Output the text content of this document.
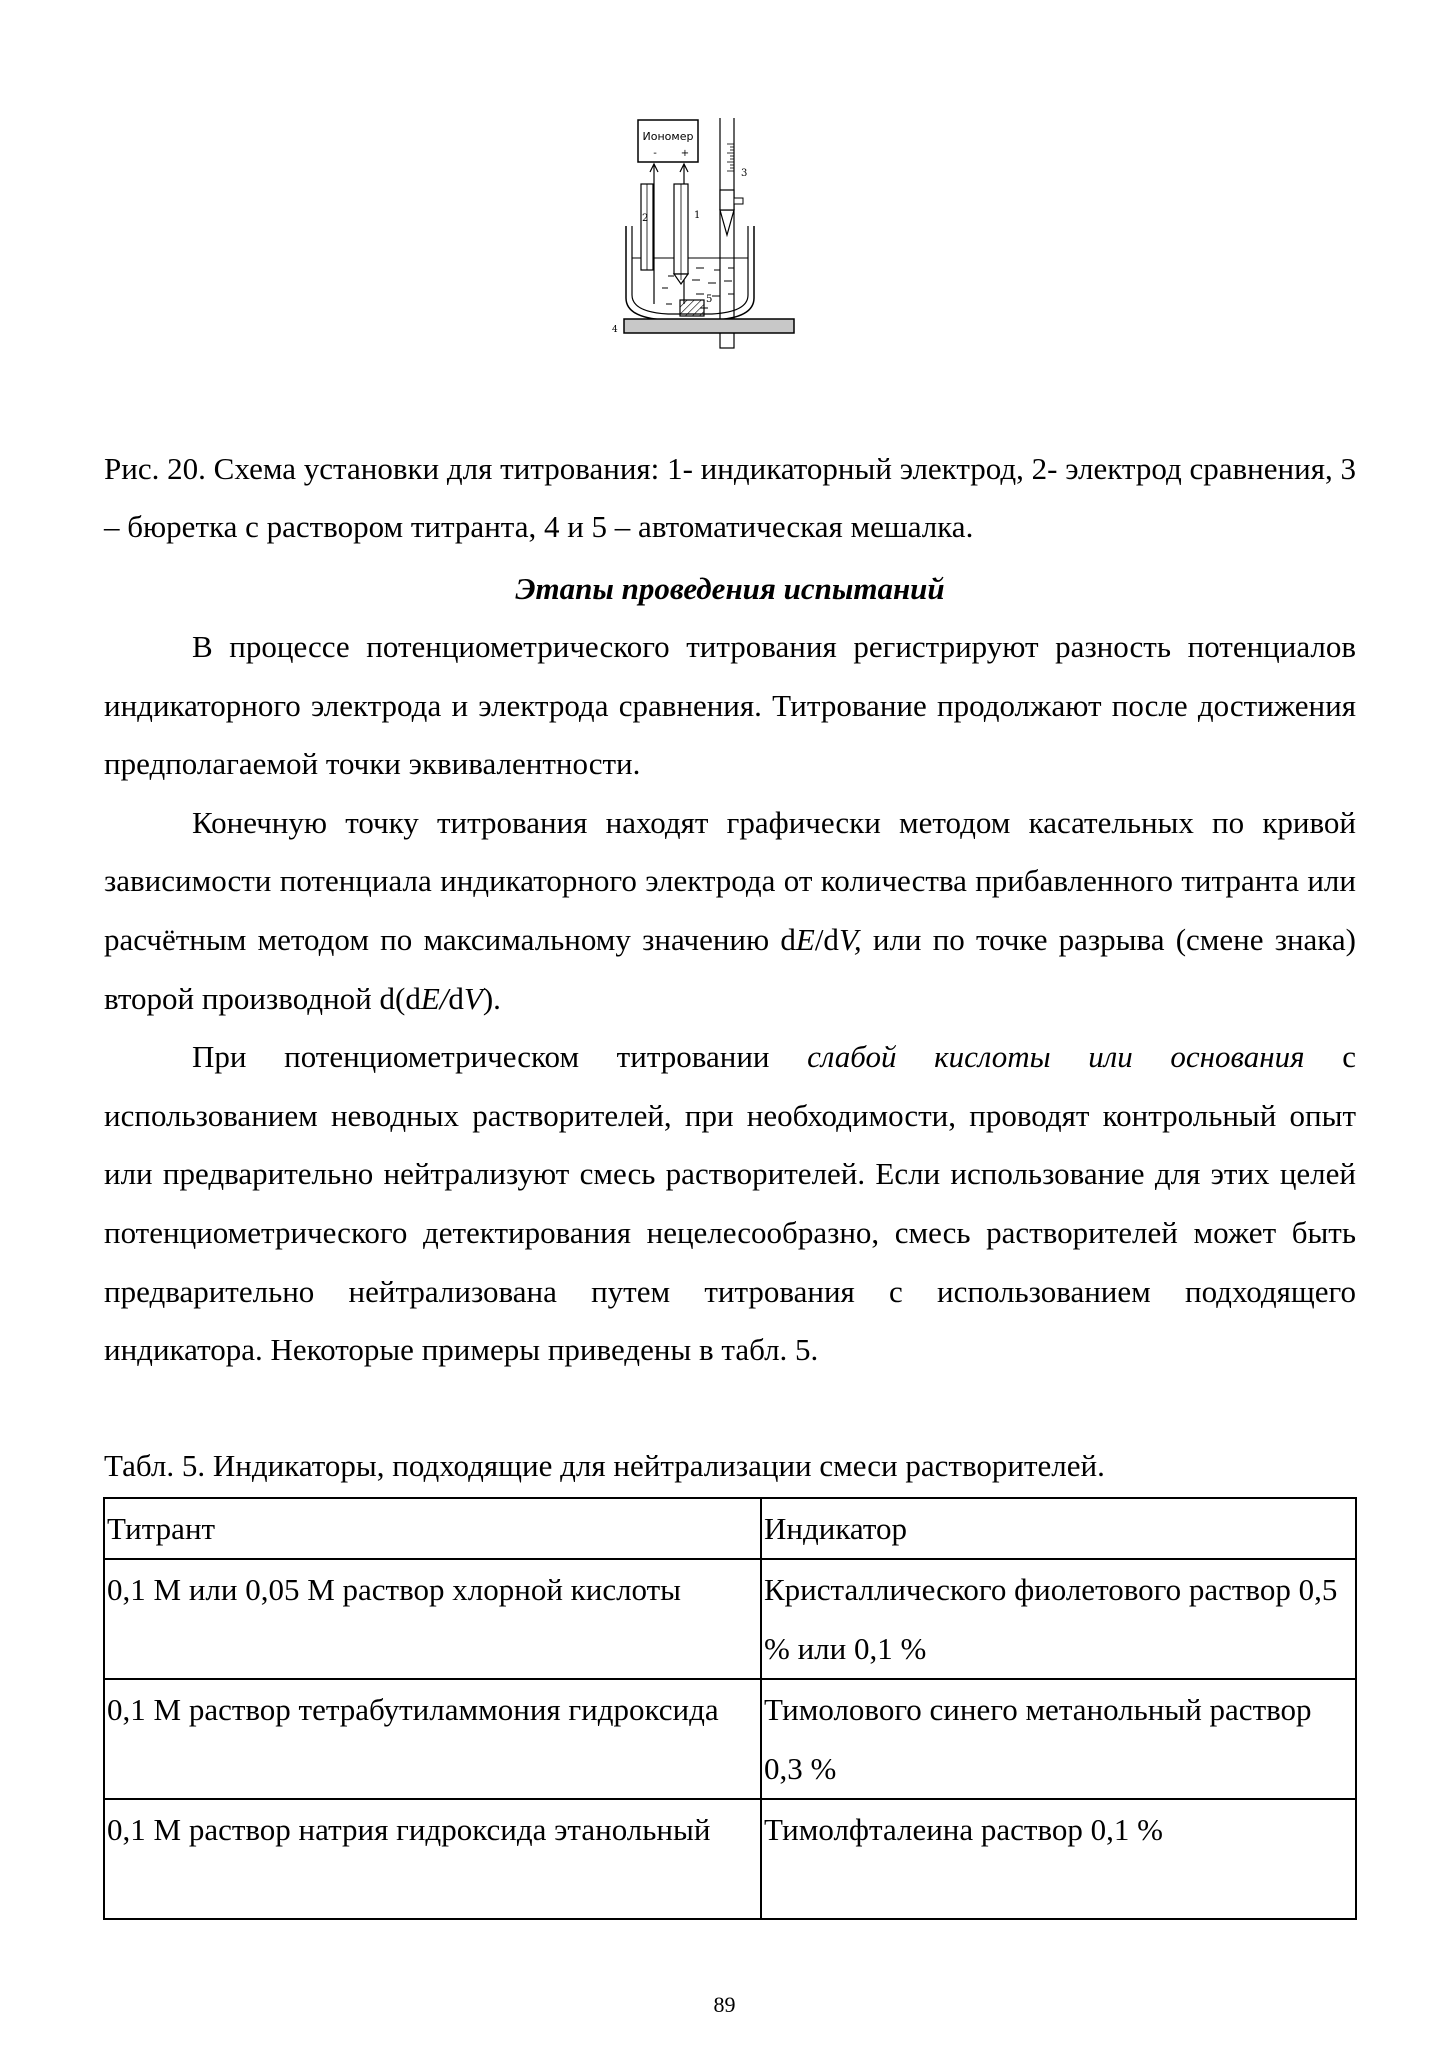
Иономер
- +
3
2	1
5
4
Рис. 20. Схема установки для титрования: 1- индикаторный электрод, 2- электрод сравнения, 3 – бюретка с раствором титранта, 4 и 5 – автоматическая мешалка.
Этапы проведения испытаний

В процессе потенциометрического титрования регистрируют разность потенциалов индикаторного электрода и электрода сравнения. Титрование продолжают после достижения предполагаемой точки эквивалентности.

Конечную точку титрования находят графически методом касательных по кривой зависимости потенциала индикаторного электрода от количества прибавленного титранта или расчётным методом по максимальному значению dE/dV, или по точке разрыва (смене знака) второй производной d(dE/dV).

При потенциометрическом титровании слабой кислоты или основания с использованием неводных растворителей, при необходимости, проводят контрольный опыт или предварительно нейтрализуют смесь растворителей. Если использование для этих целей потенциометрического детектирования нецелесообразно, смесь растворителей может быть предварительно нейтрализована путем титрования с использованием подходящего индикатора. Некоторые примеры приведены в табл. 5.

Табл. 5. Индикаторы, подходящие для нейтрализации смеси растворителей.
Титрант	Индикатор
0,1 М или 0,05 М раствор хлорной кислоты	Кристаллического фиолетового раствор 0,5 % или 0,1 %
0,1 М раствор тетрабутиламмония гидроксида	Тимолового синего метанольный раствор 0,3 %
0,1 М раствор натрия гидроксида этанольный	Тимолфталеина раствор 0,1 %
89
